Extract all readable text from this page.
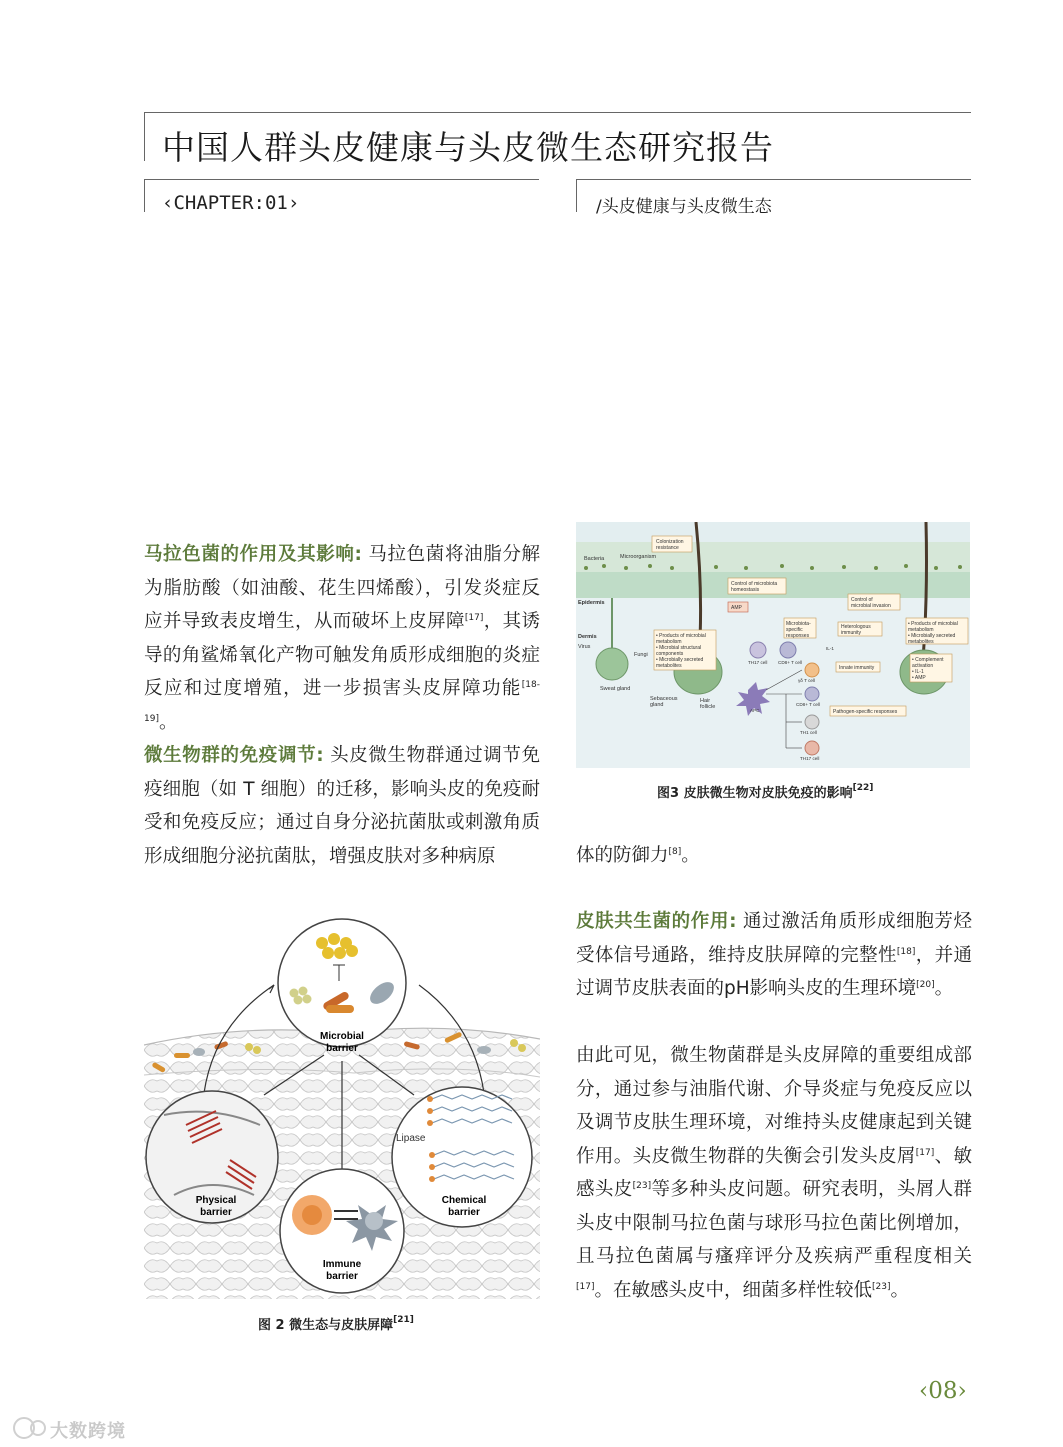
中国人群头皮健康与头皮微生态研究报告
‹CHAPTER:01›	/头皮健康与头皮微生态
马拉色菌的作用及其影响: 马拉色菌将油脂分解为脂肪酸（如油酸、花生四烯酸），引发炎症反应并导致表皮增生，从而破坏上皮屏障[17]，其诱导的角鲨烯氧化产物可触发角质形成细胞的炎症反应和过度增殖，进一步损害头皮屏障功能[18-19]。
微生物群的免疫调节: 头皮微生物群通过调节免疫细胞（如 T 细胞）的迁移，影响头皮的免疫耐受和免疫反应；通过自身分泌抗菌肽或刺激角质形成细胞分泌抗菌肽，增强皮肤对多种病原
Microbial
barrier
Physical
barrier
Lipase
Chemical
barrier
Immune
barrier
图 2 微生态与皮肤屏障[21]
Bacteria	Microorganism
Epidermis
Dermis
Virus
Fungi
Sweat gland
Sebaceous
gland
Hair
follicle
Colonization
resistance
Control of microbiota
homeostasis
Control of
microbial invasion
AMP
• Products of microbial
metabolism
• Microbial structural
components
• Microbially secreted
metabolites
• Products of microbial
metabolism
• Microbially secreted
metabolites
Microbiota-
specific
responses
Heterologous
immunity
Innate immunity
• Complement
activation
• IL-1
• AMP
Pathogen-specific responses
TH17 cell CD8+ T cell
APC
IL-1
γδ T cell
CD8+ T cell
TH1 cell
TH17 cell
图3 皮肤微生物对皮肤免疫的影响[22]
体的防御力[8]。
皮肤共生菌的作用: 通过激活角质形成细胞芳烃受体信号通路，维持皮肤屏障的完整性[18]，并通过调节皮肤表面的pH影响头皮的生理环境[20]。
由此可见，微生物菌群是头皮屏障的重要组成部分，通过参与油脂代谢、介导炎症与免疫反应以及调节皮肤生理环境，对维持头皮健康起到关键作用。头皮微生物群的失衡会引发头皮屑[17]、敏感头皮[23]等多种头皮问题。研究表明，头屑人群头皮中限制马拉色菌与球形马拉色菌比例增加，且马拉色菌属与瘙痒评分及疾病严重程度相关[17]。在敏感头皮中，细菌多样性较低[23]。
‹08›
大数跨境
